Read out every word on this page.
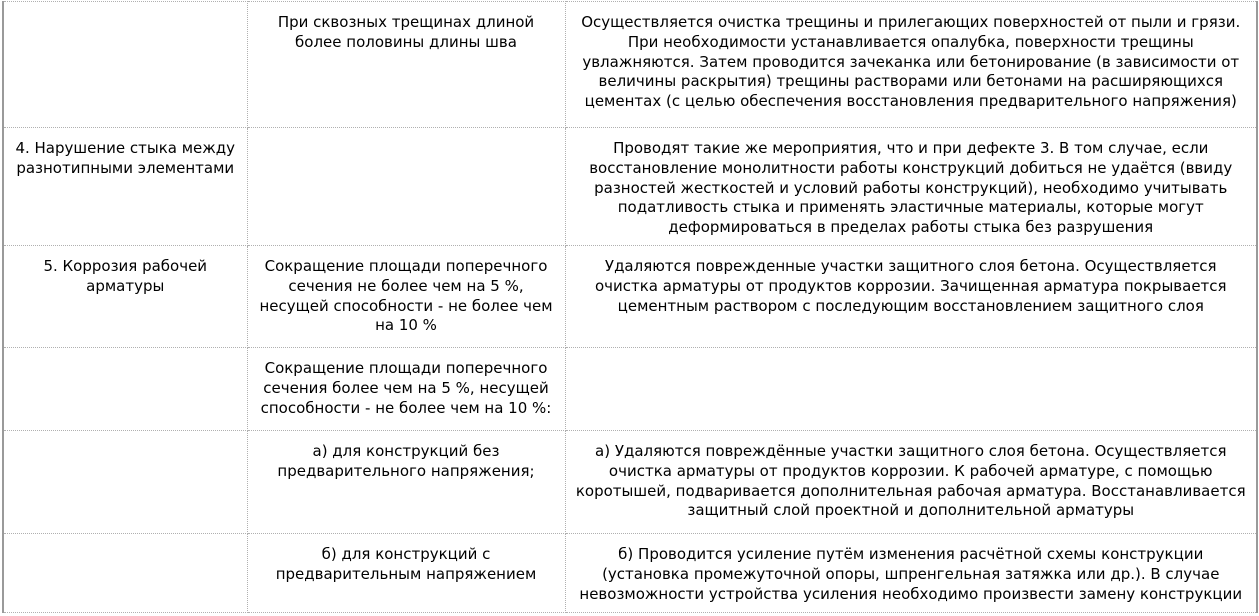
	При сквозных трещинах длиной более половины длины шва	Осуществляется очистка трещины и прилегающих поверхностей от пыли и грязи. При необходимости устанавливается опалубка, поверхности трещины увлажняются. Затем проводится зачеканка или бетонирование (в зависимости от величины раскрытия) трещины растворами или бетонами на расширяющихся цементах (с целью обеспечения восстановления предварительного напряжения)
4. Нарушение стыка между разнотипными элементами		Проводят такие же мероприятия, что и при дефекте 3. В том случае, если восстановление монолитности работы конструкций добиться не удаётся (ввиду разностей жесткостей и условий работы конструкций), необходимо учитывать податливость стыка и применять эластичные материалы, которые могут деформироваться в пределах работы стыка без разрушения
5. Коррозия рабочей арматуры	Сокращение площади поперечного сечения не более чем на 5 %, несущей способности - не более чем на 10 %	Удаляются поврежденные участки защитного слоя бетона. Осуществляется очистка арматуры от продуктов коррозии. Зачищенная арматура покрывается цементным раствором с последующим восстановлением защитного слоя
	Сокращение площади поперечного сечения более чем на 5 %, несущей способности - не более чем на 10 %:	
	а) для конструкций без предварительного напряжения;	а) Удаляются повреждённые участки защитного слоя бетона. Осуществляется очистка арматуры от продуктов коррозии. К рабочей арматуре, с помощью коротышей, подваривается дополнительная рабочая арматура. Восстанавливается защитный слой проектной и дополнительной арматуры
	б) для конструкций с предварительным напряжением	б) Проводится усиление путём изменения расчётной схемы конструкции (установка промежуточной опоры, шпренгельная затяжка или др.). В случае невозможности устройства усиления необходимо произвести замену конструкции
